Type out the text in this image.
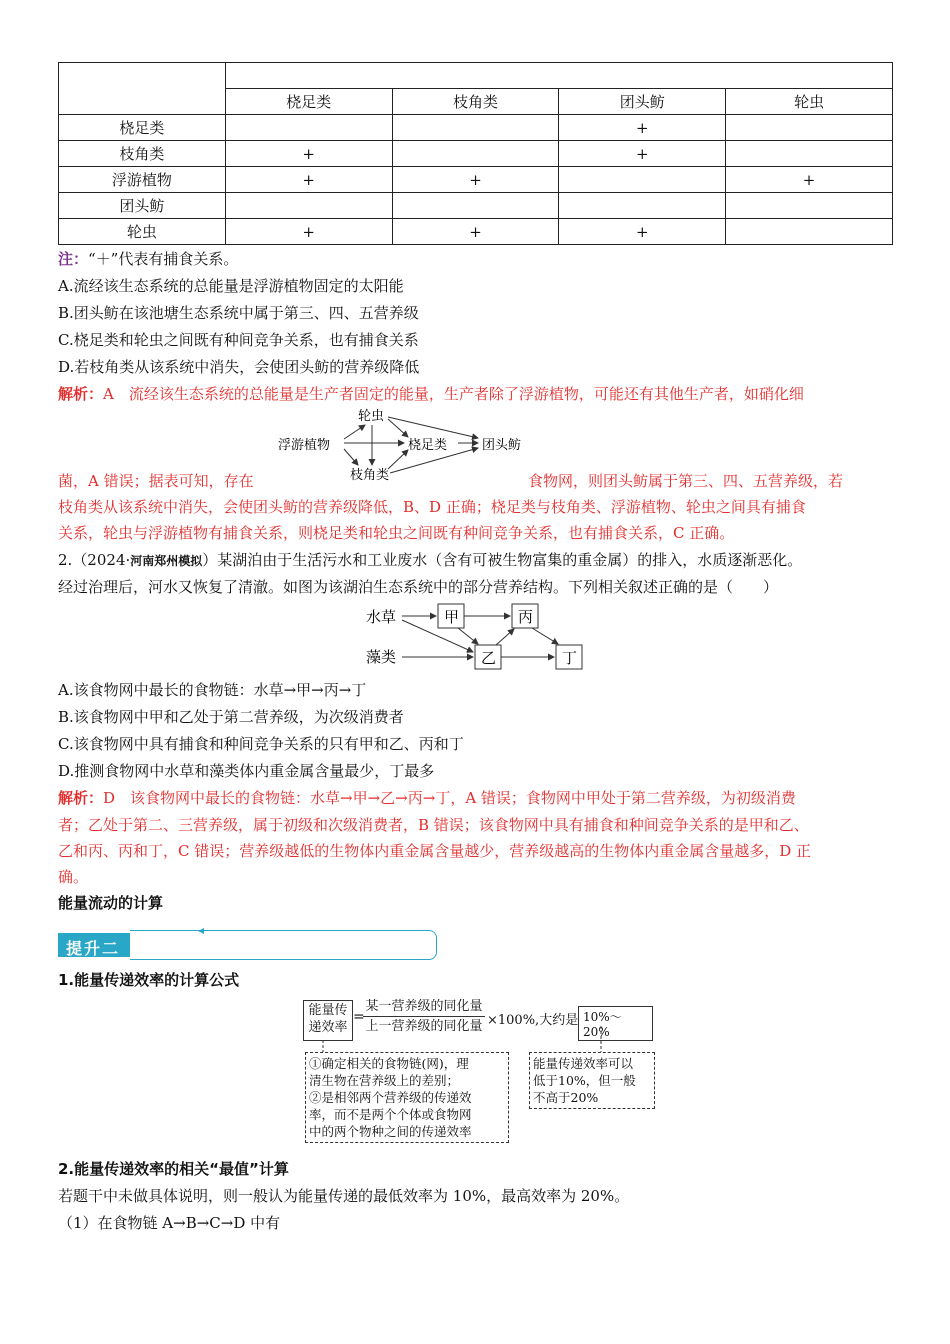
	桡足类	枝角类	团头鲂	轮虫
桡足类			+	
枝角类	+		+	
浮游植物	+	+		+
团头鲂				
轮虫	+	+	+	
注：“＋”代表有捕食关系。
A.流经该生态系统的总能量是浮游植物固定的太阳能
B.团头鲂在该池塘生态系统中属于第三、四、五营养级
C.桡足类和轮虫之间既有种间竞争关系，也有捕食关系
D.若枝角类从该系统中消失，会使团头鲂的营养级降低
解析：A　流经该生态系统的总能量是生产者固定的能量，生产者除了浮游植物，可能还有其他生产者，如硝化细
轮虫
浮游植物	桡足类	团头鲂
枝角类
菌，A 错误；据表可知，存在	食物网，则团头鲂属于第三、四、五营养级，若
枝角类从该系统中消失，会使团头鲂的营养级降低，B、D 正确；桡足类与枝角类、浮游植物、轮虫之间具有捕食
关系，轮虫与浮游植物有捕食关系，则桡足类和轮虫之间既有种间竞争关系，也有捕食关系，C 正确。
2.（2024·河南郑州模拟）某湖泊由于生活污水和工业废水（含有可被生物富集的重金属）的排入，水质逐渐恶化。
经过治理后，河水又恢复了清澈。如图为该湖泊生态系统中的部分营养结构。下列相关叙述正确的是（　　）
水草
藻类
甲	丙
乙	丁
A.该食物网中最长的食物链：水草→甲→丙→丁
B.该食物网中甲和乙处于第二营养级，为次级消费者
C.该食物网中具有捕食和种间竞争关系的只有甲和乙、丙和丁
D.推测食物网中水草和藻类体内重金属含量最少，丁最多
解析：D　该食物网中最长的食物链：水草→甲→乙→丙→丁，A 错误；食物网中甲处于第二营养级，为初级消费
者；乙处于第二、三营养级，属于初级和次级消费者，B 错误；该食物网中具有捕食和种间竞争关系的是甲和乙、
乙和丙、丙和丁，C 错误；营养级越低的生物体内重金属含量越少，营养级越高的生物体内重金属含量越多，D 正
确。
能量流动的计算
提升二
1.能量传递效率的计算公式
能量传
递效率
=
某一营养级的同化量
上一营养级的同化量 ×100%,大约是 10%～20%
①确定相关的食物链(网)，理
清生物在营养级上的差别；
②是相邻两个营养级的传递效
率，而不是两个个体或食物网
中的两个物种之间的传递效率
能量传递效率可以
低于10%，但一般
不高于20%
2.能量传递效率的相关“最值”计算
若题干中未做具体说明，则一般认为能量传递的最低效率为 10%，最高效率为 20%。
（1）在食物链 A→B→C→D 中有
